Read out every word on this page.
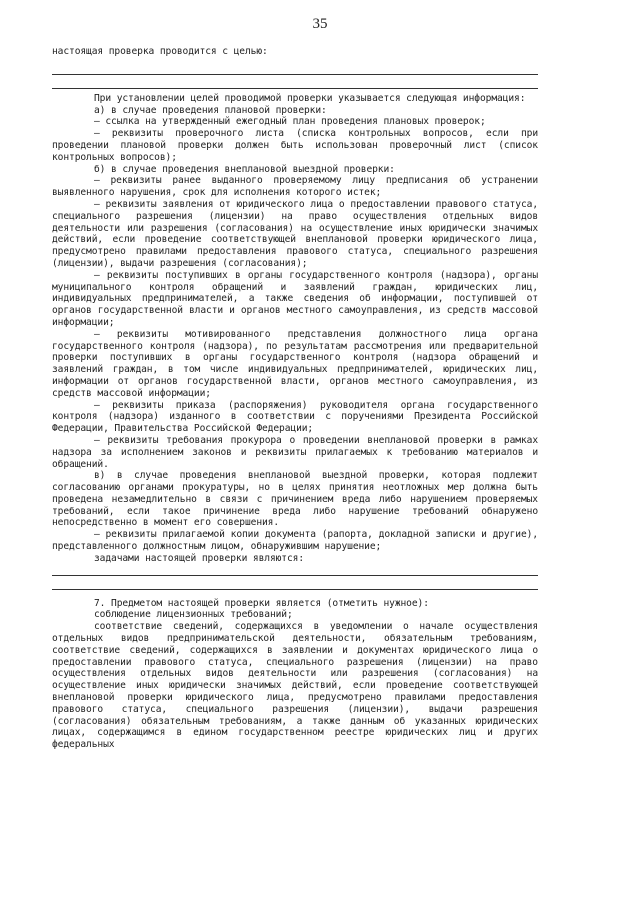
35
настоящая проверка проводится с целью:
При установлении целей проводимой проверки указывается следующая информация:
а) в случае проведения плановой проверки:
– ссылка на утвержденный ежегодный план проведения плановых проверок;
– реквизиты проверочного листа (списка контрольных вопросов, если при проведении плановой проверки должен быть использован проверочный лист (список контрольных вопросов);
б) в случае проведения внеплановой выездной проверки:
– реквизиты ранее выданного проверяемому лицу предписания об устранении выявленного нарушения, срок для исполнения которого истек;
– реквизиты заявления от юридического лица о предоставлении правового статуса, специального разрешения (лицензии) на право осуществления отдельных видов деятельности или разрешения (согласования) на осуществление иных юридически значимых действий, если проведение соответствующей внеплановой проверки юридического лица, предусмотрено правилами предоставления правового статуса, специального разрешения (лицензии), выдачи разрешения (согласования);
– реквизиты поступивших в органы государственного контроля (надзора), органы муниципального контроля обращений и заявлений граждан, юридических лиц, индивидуальных предпринимателей, а также сведения об информации, поступившей от органов государственной власти и органов местного самоуправления, из средств массовой информации;
– реквизиты мотивированного представления должностного лица органа государственного контроля (надзора), по результатам рассмотрения или предварительной проверки поступивших в органы государственного контроля (надзора обращений и заявлений граждан, в том числе индивидуальных предпринимателей, юридических лиц, информации от органов государственной власти, органов местного самоуправления, из средств массовой информации;
– реквизиты приказа (распоряжения) руководителя органа государственного контроля (надзора) изданного в соответствии с поручениями Президента Российской Федерации, Правительства Российской Федерации;
– реквизиты требования прокурора о проведении внеплановой проверки в рамках надзора за исполнением законов и реквизиты прилагаемых к требованию материалов и обращений.
в) в случае проведения внеплановой выездной проверки, которая подлежит согласованию органами прокуратуры, но в целях принятия неотложных мер должна быть проведена незамедлительно в связи с причинением вреда либо нарушением проверяемых требований, если такое причинение вреда либо нарушение требований обнаружено непосредственно в момент его совершения.
– реквизиты прилагаемой копии документа (рапорта, докладной записки и другие), представленного должностным лицом, обнаружившим нарушение;
задачами настоящей проверки являются:
7. Предметом настоящей проверки является (отметить нужное):
соблюдение лицензионных требований;
соответствие сведений, содержащихся в уведомлении о начале осуществления отдельных видов предпринимательской деятельности, обязательным требованиям, соответствие сведений, содержащихся в заявлении и документах юридического лица о предоставлении правового статуса, специального разрешения (лицензии) на право осуществления отдельных видов деятельности или разрешения (согласования) на осуществление иных юридически значимых действий, если проведение соответствующей внеплановой проверки юридического лица, предусмотрено правилами предоставления правового статуса, специального разрешения (лицензии), выдачи разрешения (согласования) обязательным требованиям, а также данным об указанных юридических лицах, содержащимся в едином государственном реестре юридических лиц и других федеральных
